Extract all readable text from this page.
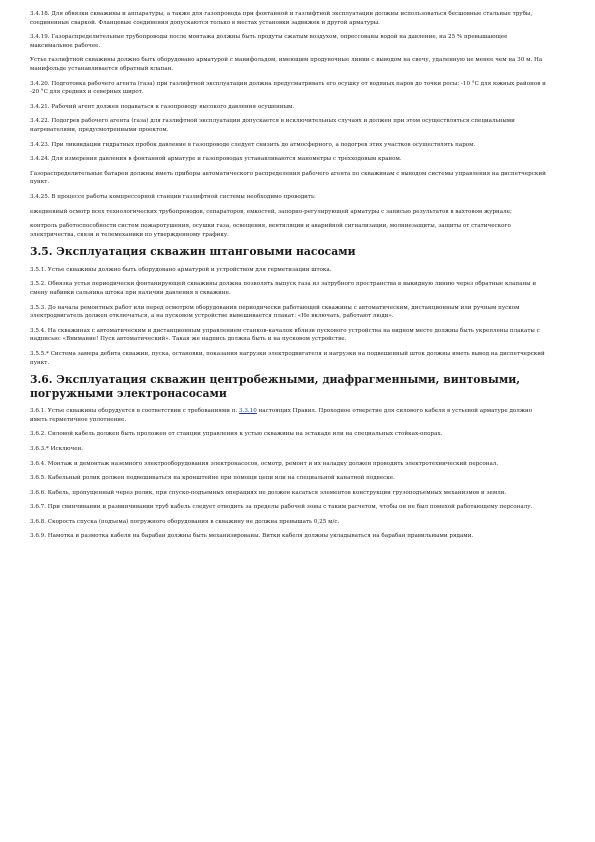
3.4.18. Для обвязки скважины и аппаратуры, а также для газопровода при фонтанной и газлифтной эксплуатации должны использоваться бесшовные стальные трубы, соединенные сваркой. Фланцевые соединения допускаются только в местах установки задвижек и другой арматуры.

3.4.19. Газораспределительные трубопроводы после монтажа должны быть продуты сжатым воздухом, опрессованы водой на давление, на 25 % превышающее максимальное рабочее.

Устье газлифтной скважины должно быть оборудовано арматурой с манифольдом, имеющим продувочные линии с выводом на свечу, удаленную не менее чем на 30 м. На манифольде устанавливается обратный клапан.

3.4.20. Подготовка рабочего агента (газа) при газлифтной эксплуатации должна предусматривать его осушку от водяных паров до точки росы: -10 °С для южных районов и -20 °С для средних и северных широт.

3.4.21. Рабочий агент должен подаваться к газопроводу высокого давления осушенным.

3.4.22. Подогрев рабочего агента (газа) для газлифтной эксплуатации допускается в исключительных случаях и должен при этом осуществляться специальными нагревателями, предусмотренными проектом.

3.4.23. При ликвидации гидратных пробок давление в газопроводе следует снизить до атмосферного, а подогрев этих участков осуществлять паром.

3.4.24. Для измерения давления в фонтанной арматуре и газопроводах устанавливаются манометры с трехходовым краном.

Газораспределительные батареи должны иметь приборы автоматического распределения рабочего агента по скважинам с выводом системы управления на диспетчерский пункт.

3.4.25. В процессе работы компрессорной станции газлифтной системы необходимо проводить:

ежедневный осмотр всех технологических трубопроводов, сепараторов, емкостей, запорно-регулирующей арматуры с записью результатов в вахтовом журнале;

контроль работоспособности систем пожаротушения, осушки газа, освещения, вентиляции и аварийной сигнализации, молниезащиты, защиты от статического электричества, связи и телемеханики по утвержденному графику.

3.5. Эксплуатация скважин штанговыми насосами

3.5.1. Устье скважины должно быть оборудовано арматурой и устройством для герметизации штока.

3.5.2. Обвязка устья периодически фонтанирующей скважины должна позволять выпуск газа из затрубного пространства в выкидную линию через обратные клапаны и смену набивки сальника штока при наличии давления в скважине.

3.5.3. До начала ремонтных работ или перед осмотром оборудования периодически работающей скважины с автоматическим, дистанционным или ручным пуском электродвигатель должен отключаться, а на пусковом устройстве вывешивается плакат: «Не включать, работают люди».

3.5.4. На скважинах с автоматическим и дистанционным управлением станков-качалок вблизи пускового устройства на видном месте должны быть укреплены плакаты с надписью: «Внимание! Пуск автоматический». Такая же надпись должна быть и на пусковом устройстве.

3.5.5.* Система замера дебита скважин, пуска, остановки, показания нагрузки электродвигателя и нагрузки на подвешенный шток должны иметь вывод на диспетчерский пункт.

3.6. Эксплуатация скважин центробежными, диафрагменными, винтовыми, погружными электронасосами

3.6.1. Устье скважины оборудуется в соответствии с требованиями п. 3.3.10 настоящих Правил. Проходное отверстие для силового кабеля в устьевой арматуре должно иметь герметичное уплотнение.

3.6.2. Силовой кабель должен быть проложен от станции управления к устью скважины на эстакаде или на специальных стойках-опорах.

3.6.3.* Исключен.

3.6.4. Монтаж и демонтаж наземного электрооборудования электронасосов, осмотр, ремонт и их наладку должен проводить электротехнический персонал.

3.6.5. Кабельный ролик должен подвешиваться на кронштейне при помощи цепи или на специальной канатной подвеске.

3.6.6. Кабель, пропущенный через ролик, при спуско-подъемных операциях не должен касаться элементов конструкции грузоподъемных механизмов и земли.

3.6.7. При свинчивании и развинчивании труб кабель следует отводить за пределы рабочей зоны с таким расчетом, чтобы он не был помехой работающему персоналу.

3.6.8. Скорость спуска (подъема) погружного оборудования в скважину не должна превышать 0,25 м/с.

3.6.9. Намотка и размотка кабеля на барабан должны быть механизированы. Витки кабеля должны укладываться на барабан правильными рядами.
